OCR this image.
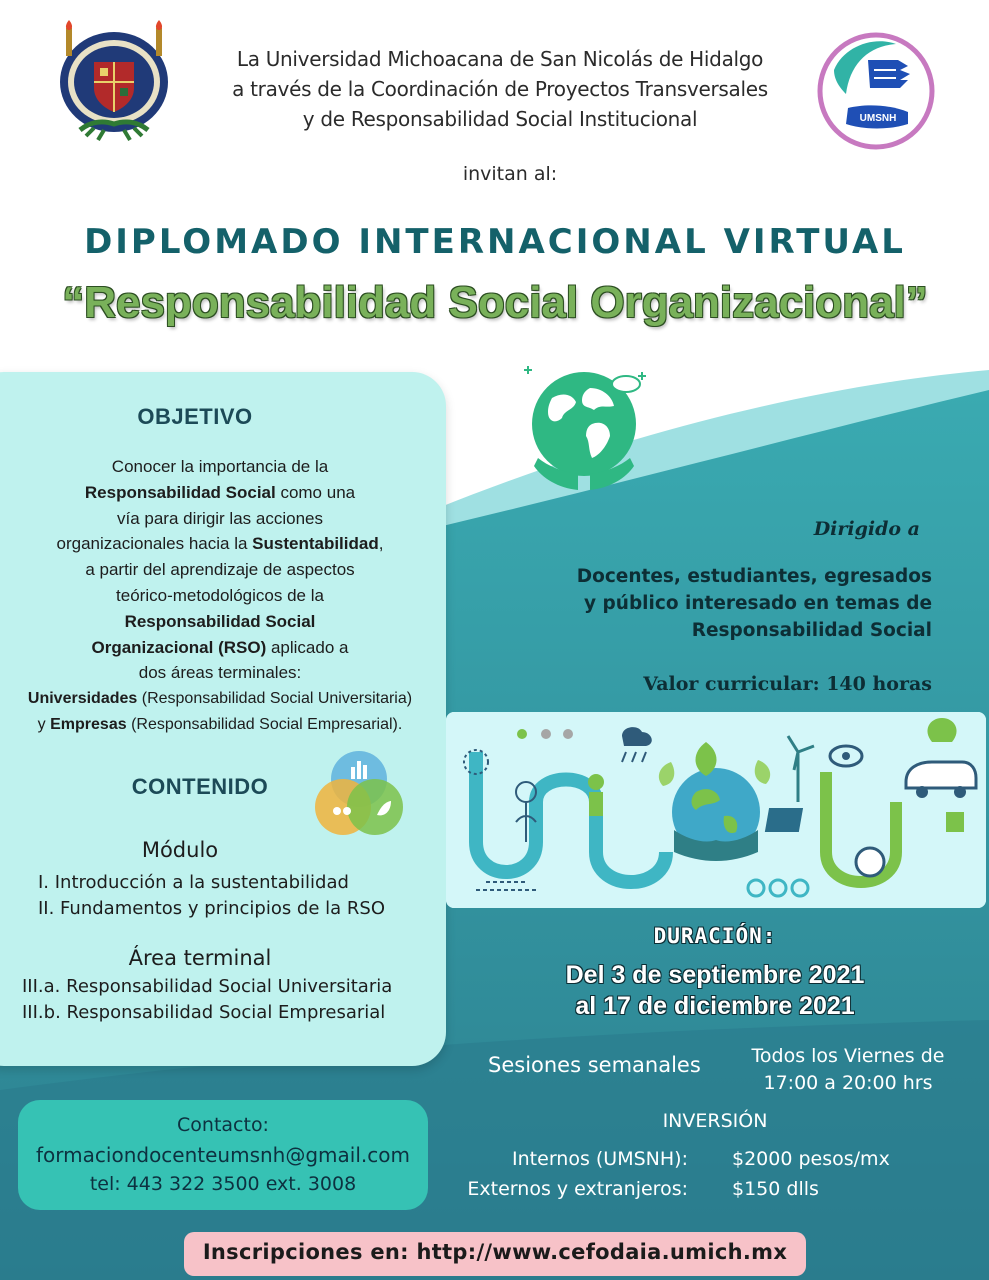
La Universidad Michoacana de San Nicolás de Hidalgo
a través de la Coordinación de Proyectos Transversales
y de Responsabilidad Social Institucional
invitan al:
UMSNH
DIPLOMADO INTERNACIONAL VIRTUAL
“Responsabilidad Social Organizacional”
OBJETIVO
Conocer la importancia de la
Responsabilidad Social como una
vía para dirigir las acciones
organizacionales hacia la Sustentabilidad,
a partir del aprendizaje de aspectos
teórico-metodológicos de la
Responsabilidad Social
Organizacional (RSO) aplicado a
dos áreas terminales:
Universidades (Responsabilidad Social Universitaria)
y Empresas (Responsabilidad Social Empresarial).
CONTENIDO
Módulo
I. Introducción a la sustentabilidad
II. Fundamentos y principios de la RSO
Área terminal
III.a. Responsabilidad Social Universitaria
III.b. Responsabilidad Social Empresarial
Contacto:
formaciondocenteumsnh@gmail.com
tel: 443 322 3500 ext. 3008
Dirigido a
Docentes, estudiantes, egresados
y público interesado en temas de
Responsabilidad Social
Valor curricular: 140 horas
DURACIÓN:
Del 3 de septiembre 2021
al 17 de diciembre 2021
Sesiones semanales	Todos los Viernes de
17:00 a 20:00 hrs
INVERSIÓN
Internos (UMSNH): $2000 pesos/mx
Externos y extranjeros: $150 dlls
Inscripciones en: http://www.cefodaia.umich.mx
